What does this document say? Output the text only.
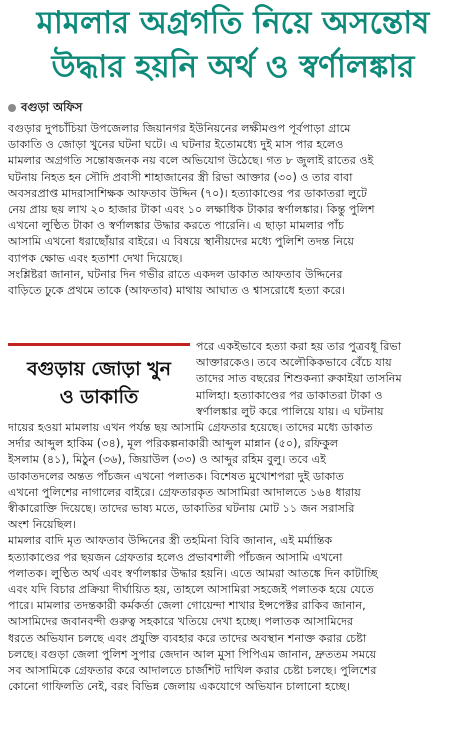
মামলার অগ্রগতি নিয়ে অসন্তোষ
উদ্ধার হয়নি অর্থ ও স্বর্ণালঙ্কার
বগুড়া অফিস
বগুড়ার দুপচাঁচিয়া উপজেলার জিয়ানগর ইউনিয়নের লক্ষীমণ্ডপ পূর্বপাড়া গ্রামে
ডাকাতি ও জোড়া খুনের ঘটনা ঘটে। এ ঘটনার ইতোমধ্যে দুই মাস পার হলেও
মামলার অগ্রগতি সন্তোষজনক নয় বলে অভিযোগ উঠেছে। গত ৮ জুলাই রাতের ওই
ঘটনায় নিহত হন সৌদি প্রবাসী শাহাজানের স্ত্রী রিভা আক্তার (৩০) ও তার বাবা
অবসরপ্রাপ্ত মাদরাসাশিক্ষক আফতাব উদ্দিন (৭০)। হত্যাকাণ্ডের পর ডাকাতরা লুটে
নেয় প্রায় ছয় লাখ ২০ হাজার টাকা এবং ১০ লক্ষাধিক টাকার স্বর্ণালঙ্কার। কিন্তু পুলিশ
এখনো লুণ্ঠিত টাকা ও স্বর্ণালঙ্কার উদ্ধার করতে পারেনি। এ ছাড়া মামলার পাঁচ
আসামি এখনো ধরাছোঁয়ার বাইরে। এ বিষয়ে স্থানীয়দের মধ্যে পুলিশি তদন্ত নিয়ে
ব্যাপক ক্ষোভ এবং হতাশা দেখা দিয়েছে।
সংশ্লিষ্টরা জানান, ঘটনার দিন গভীর রাতে একদল ডাকাত আফতাব উদ্দিনের
বাড়িতে ঢুকে প্রথমে তাকে (আফতাব) মাথায় আঘাত ও শ্বাসরোধে হত্যা করে।
বগুড়ায় জোড়া খুন
ও ডাকাতি
পরে একইভাবে হত্যা করা হয় তার পুত্রবধূ রিভা
আক্তারকেও। তবে অলৌকিকভাবে বেঁচে যায়
তাদের সাত বছরের শিশুকন্যা রুকাইয়া তাসনিম
মালিহা। হত্যাকাণ্ডের পর ডাকাতরা টাকা ও
স্বর্ণালঙ্কার লুট করে পালিয়ে যায়। এ ঘটনায়
দায়ের হওয়া মামলায় এখন পর্যন্ত ছয় আসামি গ্রেফতার হয়েছে। তাদের মধ্যে ডাকাত
সর্দার আব্দুল হাকিম (৩৪), মূল পরিকল্পনাকারী আব্দুল মান্নান (৫০), রফিকুল
ইসলাম (৪১), মিঠুন (৩৬), জিয়াউল (৩৩) ও আব্দুর রহিম বুলু। তবে এই
ডাকাতদলের অন্তত পাঁচজন এখনো পলাতক। বিশেষত মুখোশপরা দুই ডাকাত
এখনো পুলিশের নাগালের বাইরে। গ্রেফতারকৃত আসামিরা আদালতে ১৬৪ ধারায়
স্বীকারোক্তি দিয়েছে। তাদের ভাষ্য মতে, ডাকাতির ঘটনায় মোট ১১ জন সরাসরি
অংশ নিয়েছিল।
মামলার বাদি মৃত আফতাব উদ্দিনের স্ত্রী তহমিনা বিবি জানান, এই মর্মান্তিক
হত্যাকাণ্ডের পর ছয়জন গ্রেফতার হলেও প্রভাবশালী পাঁচজন আসামি এখনো
পলাতক। লুণ্ঠিত অর্থ এবং স্বর্ণালঙ্কার উদ্ধার হয়নি। এতে আমরা আতঙ্কে দিন কাটাচ্ছি
এবং যদি বিচার প্রক্রিয়া দীর্ঘায়িত হয়, তাহলে আসামিরা সহজেই পলাতক হয়ে যেতে
পারে। মামলার তদন্তকারী কর্মকর্তা জেলা গোয়েন্দা শাখার ইন্সপেক্টর রাকিব জানান,
আসামিদের জবানবন্দী গুরুত্ব সহকারে খতিয়ে দেখা হচ্ছে। পলাতক আসামিদের
ধরতে অভিযান চলছে এবং প্রযুক্তি ব্যবহার করে তাদের অবস্থান শনাক্ত করার চেষ্টা
চলছে। বগুড়া জেলা পুলিশ সুপার জেদান আল মুসা পিপিএম জানান, দ্রুততম সময়ে
সব আসামিকে গ্রেফতার করে আদালতে চার্জশিট দাখিল করার চেষ্টা চলছে। পুলিশের
কোনো গাফিলতি নেই, বরং বিভিন্ন জেলায় একযোগে অভিযান চালানো হচ্ছে।
